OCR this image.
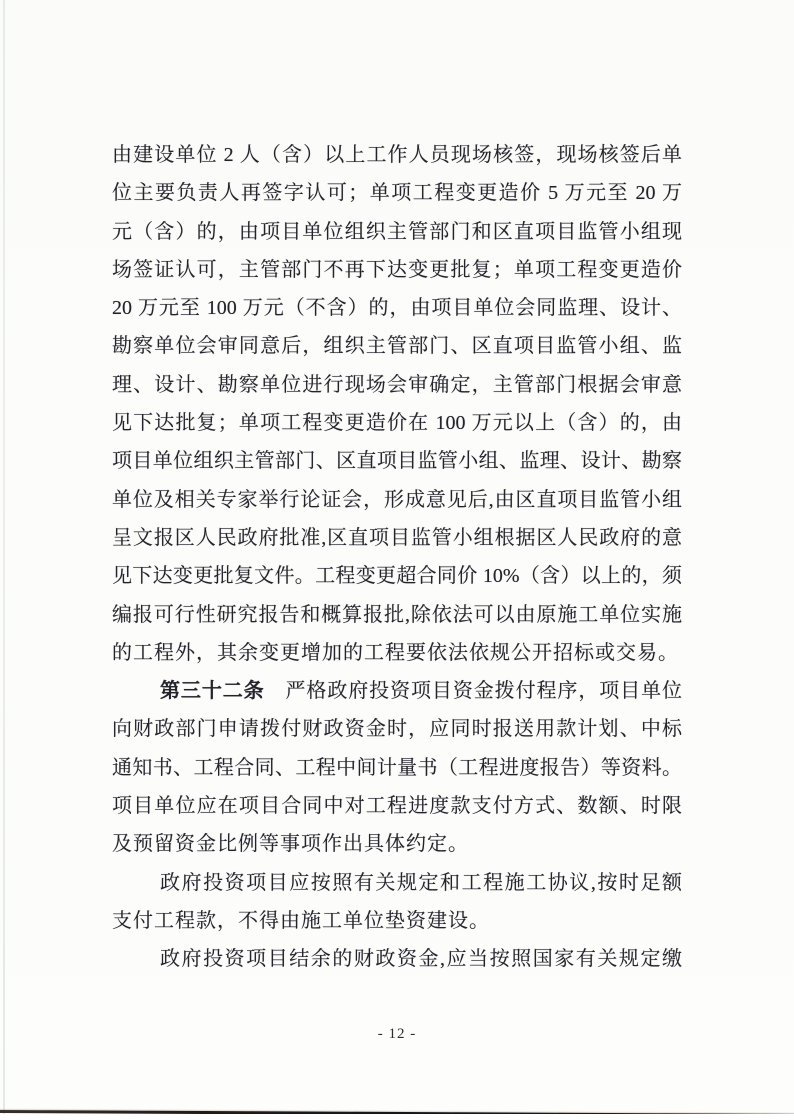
由建设单位 2 人（含）以上工作人员现场核签，现场核签后单
位主要负责人再签字认可；单项工程变更造价 5 万元至 20 万
元（含）的，由项目单位组织主管部门和区直项目监管小组现
场签证认可，主管部门不再下达变更批复；单项工程变更造价
20 万元至 100 万元（不含）的，由项目单位会同监理、设计、
勘察单位会审同意后，组织主管部门、区直项目监管小组、监
理、设计、勘察单位进行现场会审确定，主管部门根据会审意
见下达批复；单项工程变更造价在 100 万元以上（含）的，由
项目单位组织主管部门、区直项目监管小组、监理、设计、勘察
单位及相关专家举行论证会，形成意见后,由区直项目监管小组
呈文报区人民政府批准,区直项目监管小组根据区人民政府的意
见下达变更批复文件。工程变更超合同价 10%（含）以上的，须
编报可行性研究报告和概算报批,除依法可以由原施工单位实施
的工程外，其余变更增加的工程要依法依规公开招标或交易。
第三十二条　严格政府投资项目资金拨付程序，项目单位
向财政部门申请拨付财政资金时，应同时报送用款计划、中标
通知书、工程合同、工程中间计量书（工程进度报告）等资料。
项目单位应在项目合同中对工程进度款支付方式、数额、时限
及预留资金比例等事项作出具体约定。
政府投资项目应按照有关规定和工程施工协议,按时足额
支付工程款，不得由施工单位垫资建设。
政府投资项目结余的财政资金,应当按照国家有关规定缴
- 12 -
